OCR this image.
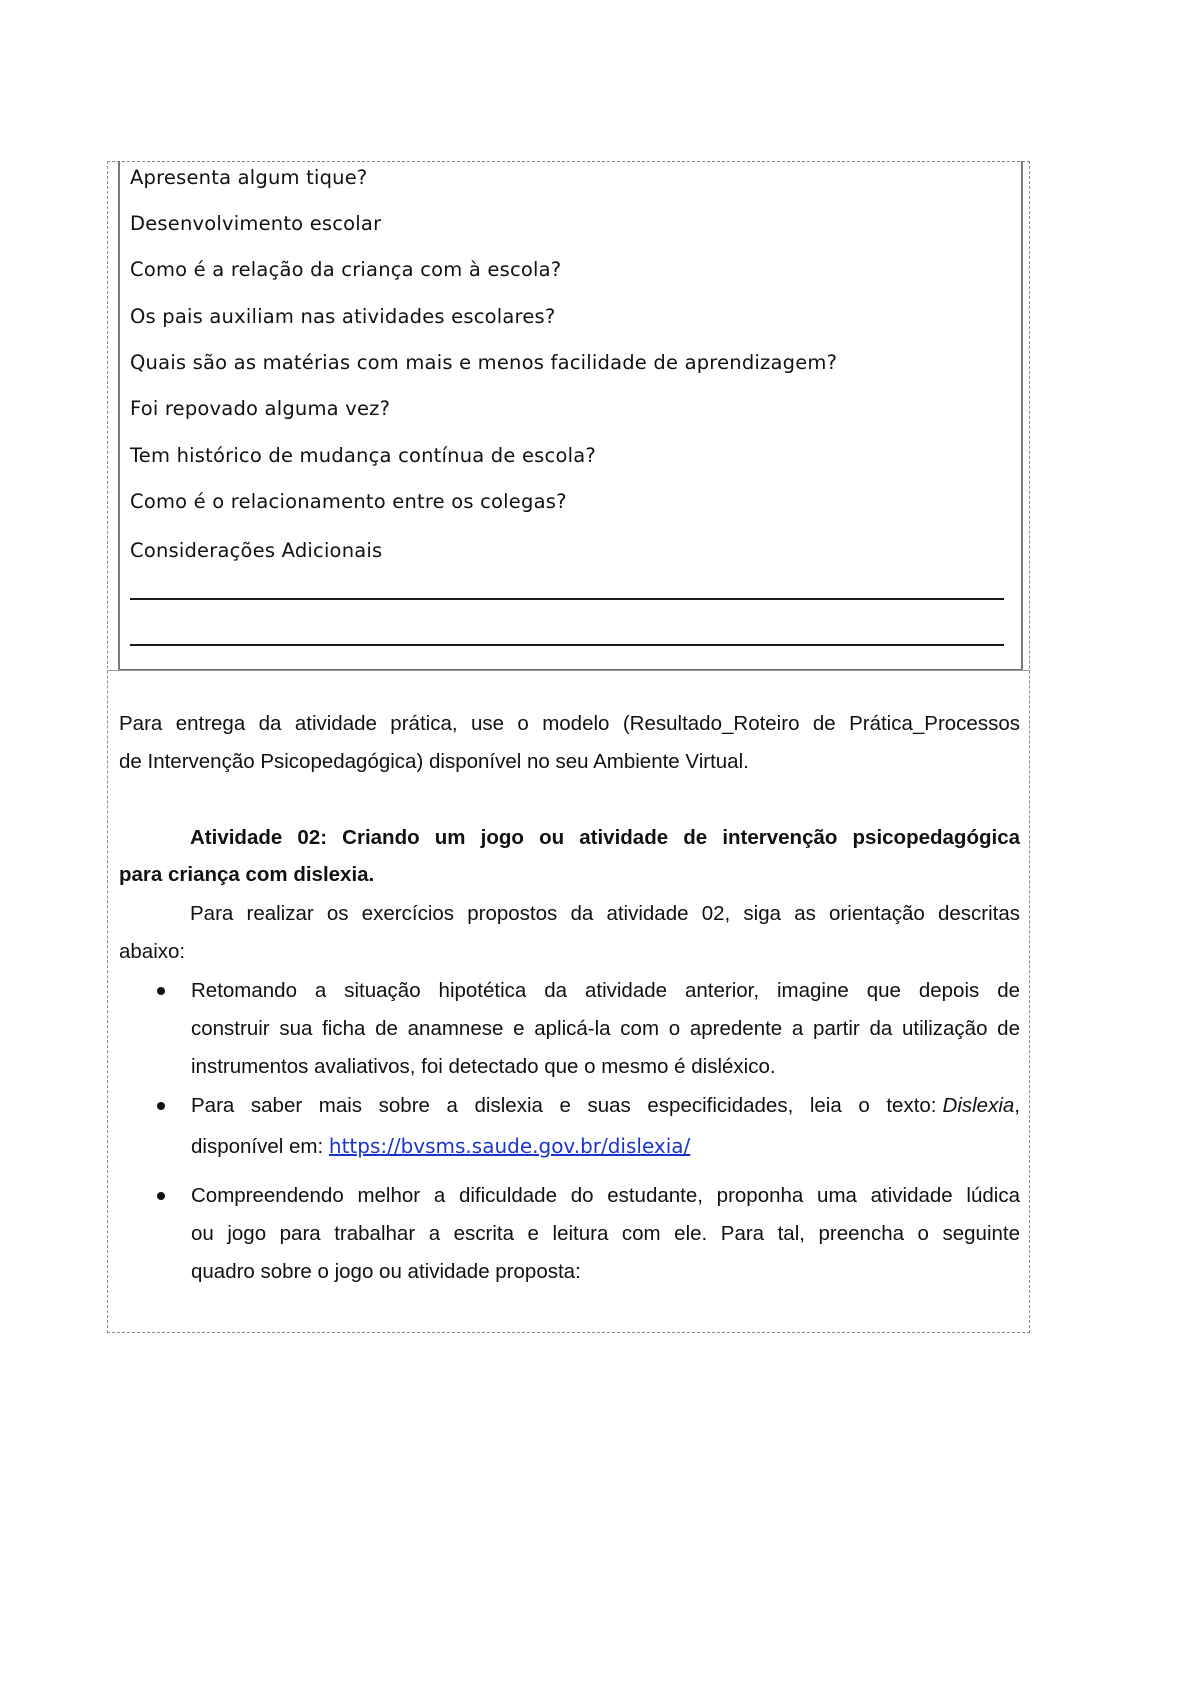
Apresenta algum tique?

Desenvolvimento escolar

Como é a relação da criança com à escola?

Os pais auxiliam nas atividades escolares?

Quais são as matérias com mais e menos facilidade de aprendizagem?

Foi repovado alguma vez?

Tem histórico de mudança contínua de escola?

Como é o relacionamento entre os colegas?

Considerações Adicionais

Para entrega da atividade prática, use o modelo (Resultado_Roteiro de Prática_Processos

de Intervenção Psicopedagógica) disponível no seu Ambiente Virtual.

Atividade 02: Criando um jogo ou atividade de intervenção psicopedagógica

para criança com dislexia.

Para realizar os exercícios propostos da atividade 02, siga as orientação descritas

abaixo:

Retomando a situação hipotética da atividade anterior, imagine que depois de

construir sua ficha de anamnese e aplicá-la com o apredente a partir da utilização de

instrumentos avaliativos, foi detectado que o mesmo é disléxico.

Para saber mais sobre a dislexia e suas especificidades, leia o texto: Dislexia,

disponível em: https://bvsms.saude.gov.br/dislexia/

Compreendendo melhor a dificuldade do estudante, proponha uma atividade lúdica

ou jogo para trabalhar a escrita e leitura com ele. Para tal, preencha o seguinte

quadro sobre o jogo ou atividade proposta:
